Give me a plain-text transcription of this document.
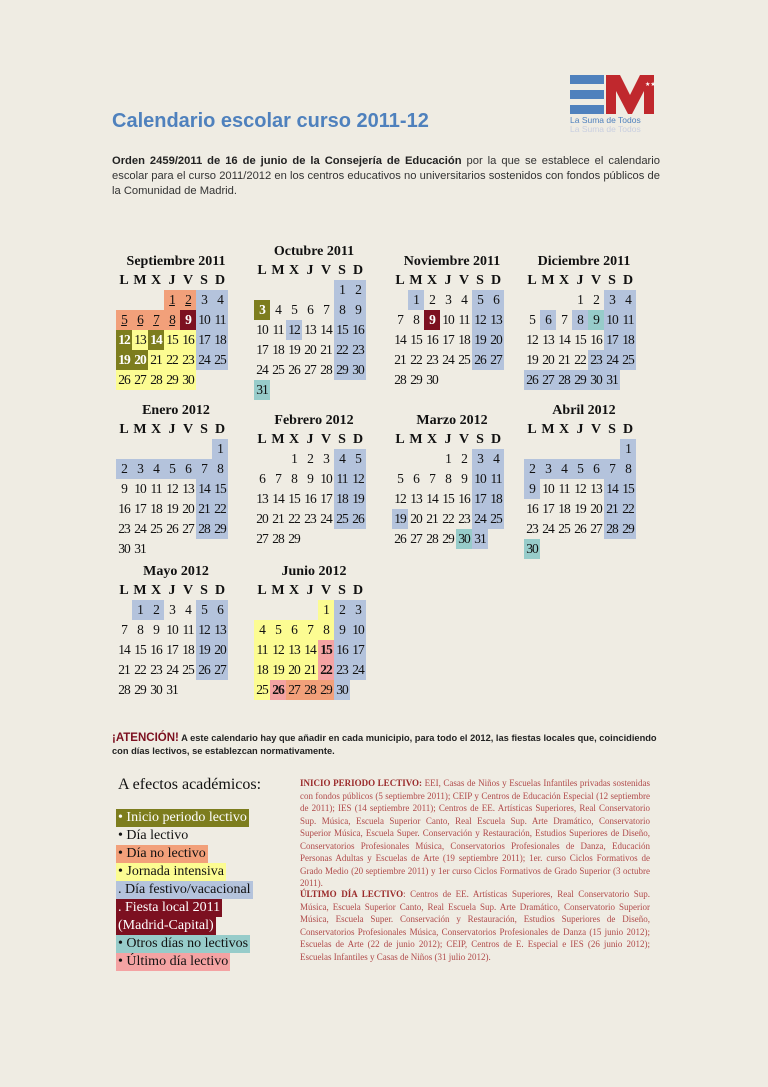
★★
La Suma de Todos
La Suma de Todos
Calendario escolar curso 2011-12
Orden 2459/2011 de 16 de junio de la Consejería de Educación por la que se establece el calendario escolar para el curso 2011/2012 en los centros educativos no universitarios sostenidos con fondos públicos de la Comunidad de Madrid.
Septiembre 2011
L M X J V S D
1 2 3 4
5 6 7 8 9 10 11
12 13 14 15 16 17 18
19 20 21 22 23 24 25
26 27 28 29 30
Octubre 2011
L M X J V S D
1 2
3 4 5 6 7 8 9
10 11 12 13 14 15 16
17 18 19 20 21 22 23
24 25 26 27 28 29 30
31
Noviembre 2011
L M X J V S D
1 2 3 4 5 6
7 8 9 10 11 12 13
14 15 16 17 18 19 20
21 22 23 24 25 26 27
28 29 30
Diciembre 2011
L M X J V S D
1 2 3 4
5 6 7 8 9 10 11
12 13 14 15 16 17 18
19 20 21 22 23 24 25
26 27 28 29 30 31
Enero 2012
L M X J V S D
1
2 3 4 5 6 7 8
9 10 11 12 13 14 15
16 17 18 19 20 21 22
23 24 25 26 27 28 29
30 31
Febrero 2012
L M X J V S D
1 2 3 4 5
6 7 8 9 10 11 12
13 14 15 16 17 18 19
20 21 22 23 24 25 26
27 28 29
Marzo 2012
L M X J V S D
1 2 3 4
5 6 7 8 9 10 11
12 13 14 15 16 17 18
19 20 21 22 23 24 25
26 27 28 29 30 31
Abril 2012
L M X J V S D
1
2 3 4 5 6 7 8
9 10 11 12 13 14 15
16 17 18 19 20 21 22
23 24 25 26 27 28 29
30
Mayo 2012
L M X J V S D
1 2 3 4 5 6
7 8 9 10 11 12 13
14 15 16 17 18 19 20
21 22 23 24 25 26 27
28 29 30 31
Junio 2012
L M X J V S D
1 2 3
4 5 6 7 8 9 10
11 12 13 14 15 16 17
18 19 20 21 22 23 24
25 26 27 28 29 30
¡ATENCIÓN! A este calendario hay que añadir en cada municipio, para todo el 2012, las fiestas locales que, coincidiendo con días lectivos, se establezcan normativamente.
A efectos académicos:
• Inicio periodo lectivo
• Día lectivo
• Día no lectivo
• Jornada intensiva
. Día festivo/vacacional
. Fiesta local 2011
(Madrid-Capital)
• Otros días no lectivos
• Último día lectivo
INICIO PERIODO LECTIVO: EEI, Casas de Niños y Escuelas Infantiles privadas sostenidas con fondos públicos (5 septiembre 2011); CEIP y Centros de Educación Especial (12 septiembre de 2011); IES (14 septiembre 2011); Centros de EE. Artísticas Superiores, Real Conservatorio Sup. Música, Escuela Superior Canto, Real Escuela Sup. Arte Dramático, Conservatorio Superior Música, Escuela Super. Conservación y Restauración, Estudios Superiores de Diseño, Conservatorios Profesionales Música, Conservatorios Profesionales de Danza, Educación Personas Adultas y Escuelas de Arte (19 septiembre 2011); 1er. curso Ciclos Formativos de Grado Medio (20 septiembre 2011) y 1er curso Ciclos Formativos de Grado Superior (3 octubre 2011).
ÚLTIMO DÍA LECTIVO: Centros de EE. Artísticas Superiores, Real Conservatorio Sup. Música, Escuela Superior Canto, Real Escuela Sup. Arte Dramático, Conservatorio Superior Música, Escuela Super. Conservación y Restauración, Estudios Superiores de Diseño, Conservatorios Profesionales Música, Conservatorios Profesionales de Danza (15 junio 2012); Escuelas de Arte (22 de junio 2012); CEIP, Centros de E. Especial e IES (26 junio 2012); Escuelas Infantiles y Casas de Niños (31 julio 2012).
